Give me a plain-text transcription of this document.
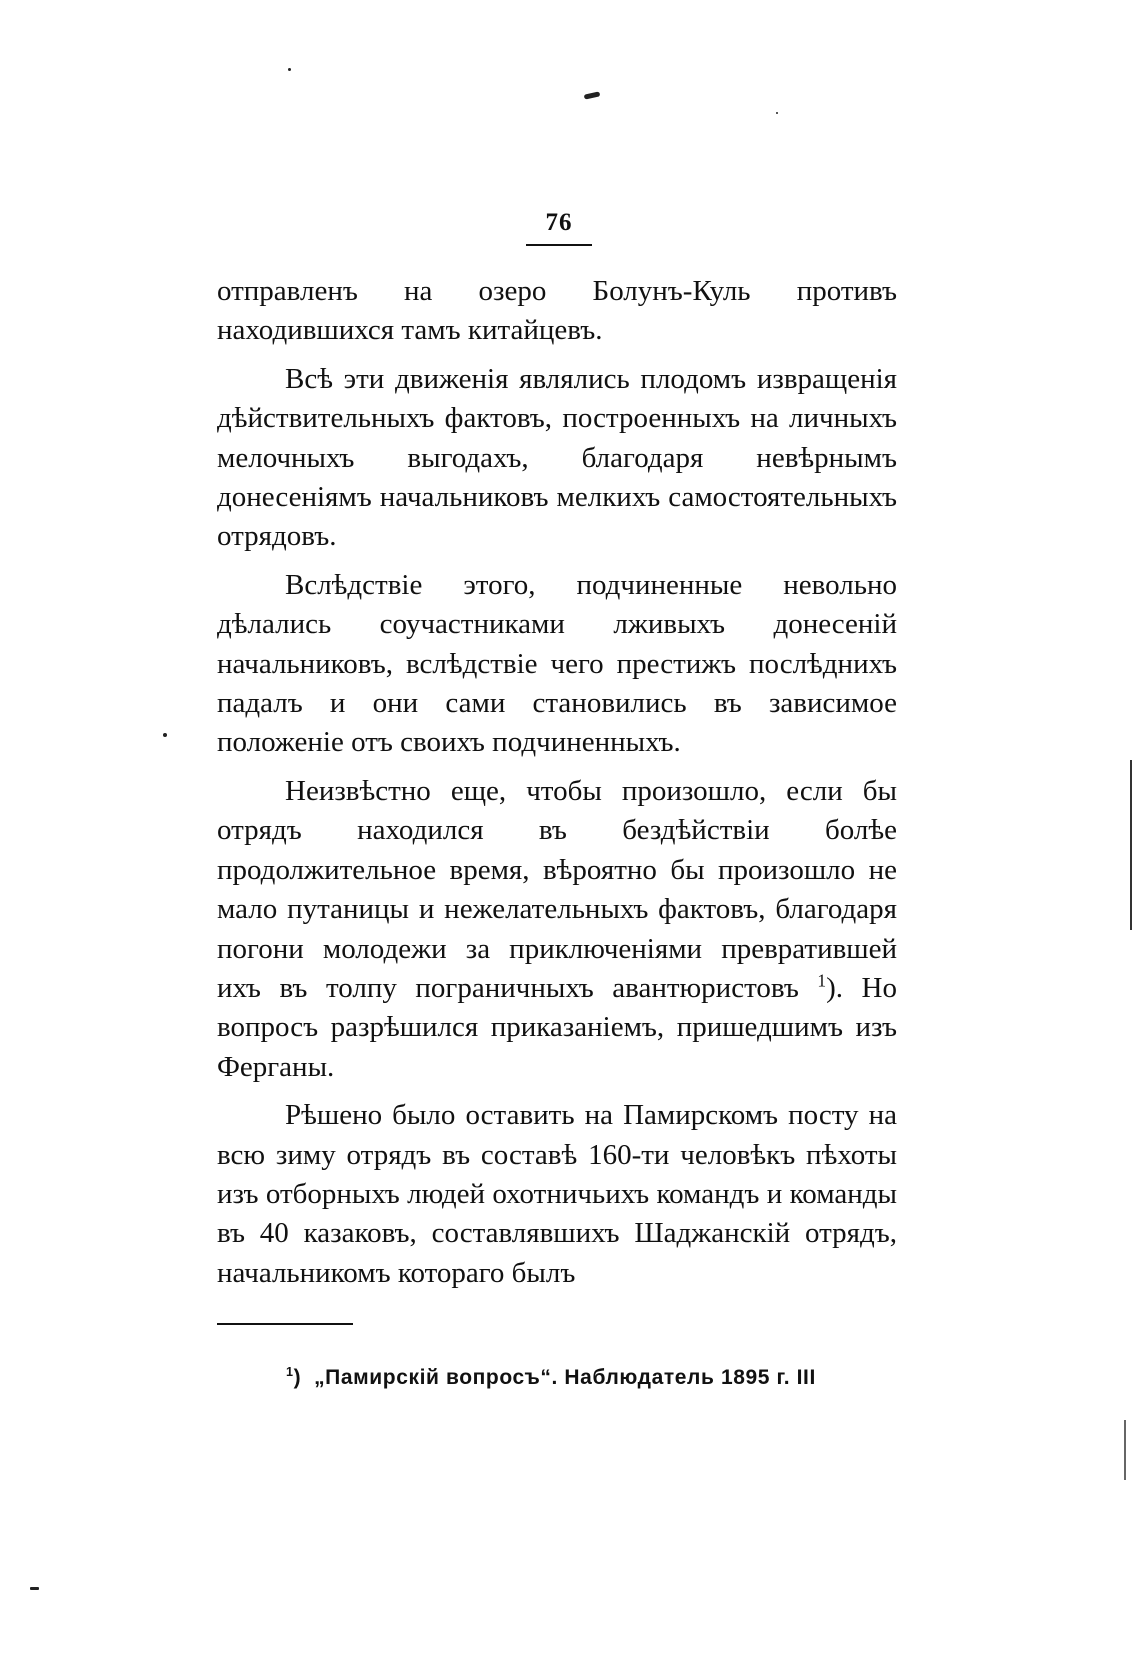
76

отправленъ на озеро Болунъ-Куль противъ находившихся тамъ китайцевъ.

Всѣ эти движенія являлись плодомъ извращенія дѣйствительныхъ фактовъ, построенныхъ на личныхъ мелочныхъ выгодахъ, благодаря невѣрнымъ донесеніямъ начальниковъ мелкихъ самостоятельныхъ отрядовъ.

Вслѣдствіе этого, подчиненные невольно дѣлались соучастниками лживыхъ донесеній начальниковъ, вслѣдствіе чего престижъ послѣднихъ падалъ и они сами становились въ зависимое положеніе отъ своихъ подчиненныхъ.

Неизвѣстно еще, чтобы произошло, если бы отрядъ находился въ бездѣйствіи болѣе продолжительное время, вѣроятно бы произошло не мало путаницы и нежелательныхъ фактовъ, благодаря погони молодежи за приключеніями превратившей ихъ въ толпу пограничныхъ авантюристовъ $^1$). Но вопросъ разрѣшился приказаніемъ, пришедшимъ изъ Ферганы.

Рѣшено было оставить на Памирскомъ посту на всю зиму отрядъ въ составѣ 160-ти человѣкъ пѣхоты изъ отборныхъ людей охотничьихъ командъ и команды въ 40 казаковъ, составлявшихъ Шаджанскій отрядъ, начальникомъ котораго былъ

$^1$) „Памирскій вопросъ“. Наблюдатель 1895 г. III
